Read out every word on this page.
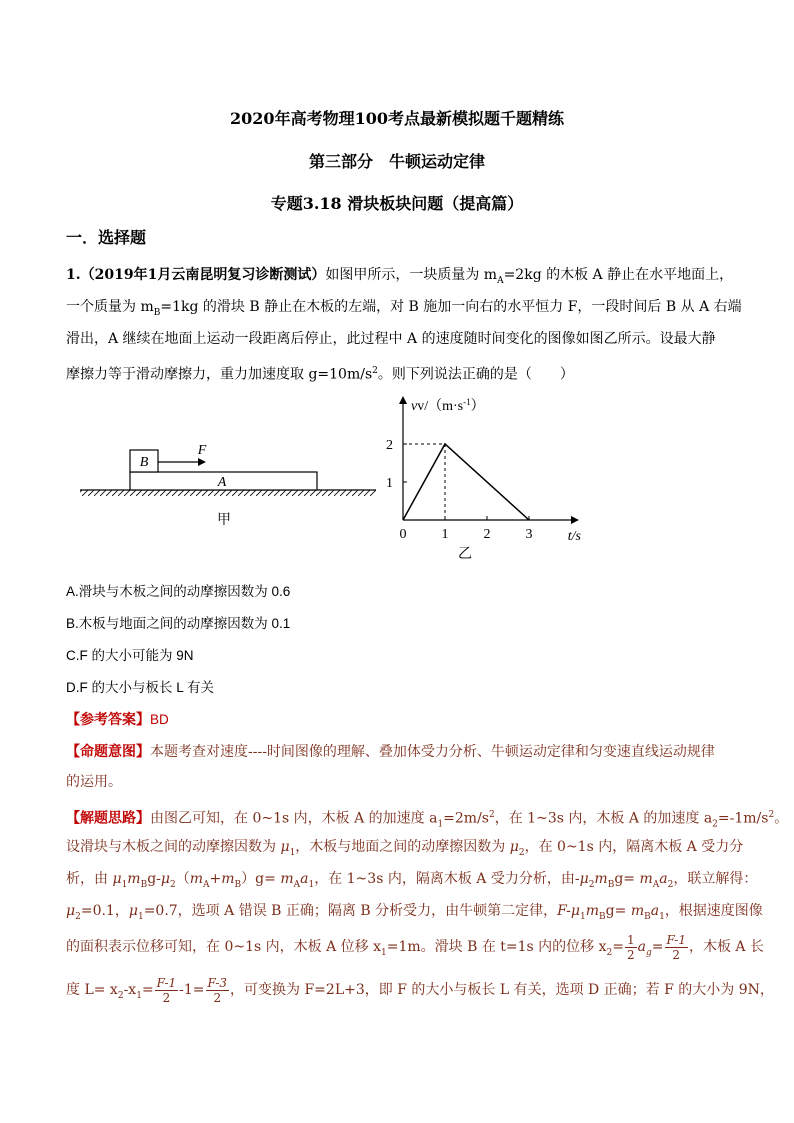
2020年高考物理100考点最新模拟题千题精练
第三部分　牛顿运动定律
专题3.18 滑块板块问题（提高篇）
一．选择题
1.（2019年1月云南昆明复习诊断测试）如图甲所示，一块质量为 $m_A=2kg$ 的木板 A 静止在水平地面上，
一个质量为 $m_B=1kg$ 的滑块 B 静止在木板的左端，对 B 施加一向右的水平恒力 F，一段时间后 B 从 A 右端
滑出，A 继续在地面上运动一段距离后停止，此过程中 A 的速度随时间变化的图像如图乙所示。设最大静
摩擦力等于滑动摩擦力，重力加速度取 $g=10m/s^2$。则下列说法正确的是（　　）
B
A
F
甲
$vv/(m\cdot s^{-1})$
t/s
乙
0	1	2	3
1
2
A.滑块与木板之间的动摩擦因数为 0.6
B.木板与地面之间的动摩擦因数为 0.1
C.F 的大小可能为 9N
D.F 的大小与板长 L 有关
【参考答案】BD
【命题意图】本题考查对速度----时间图像的理解、叠加体受力分析、牛顿运动定律和匀变速直线运动规律
的运用。
【解题思路】由图乙可知，在 0~1s 内，木板 A 的加速度 $a_1=2m/s^2$，在 1~3s 内，木板 A 的加速度 $a_2=-1m/s^2$。
设滑块与木板之间的动摩擦因数为 $\mu_1$，木板与地面之间的动摩擦因数为 $\mu_2$，在 0~1s 内，隔离木板 A 受力分
析，由 $\mu_1m_Bg-\mu_2(m_A+m_B)g= m_Aa_1$，在 1~3s 内，隔离木板 A 受力分析，由$-\mu_2m_Bg= m_Aa_2$，联立解得：
$\mu_2=0.1$，$\mu_1=0.7$，选项 A 错误 B 正确；隔离 B 分析受力，由牛顿第二定律，$F-\mu_1m_Bg= m_Ba_1$，根据速度图像
的面积表示位移可知，在 0~1s 内，木板 A 位移 $x_1=1m$。滑块 B 在 t=1s 内的位移 $x_2= \frac{1}{2} a_g= \frac{F-1}{2}$ ，木板 A 长
度 $L= x_2-x_1= \frac{F-1}{2} -1= \frac{F-3}{2}$ ，可变换为 F=2L+3，即 F 的大小与板长 L 有关，选项 D 正确；若 F 的大小为 9N，
